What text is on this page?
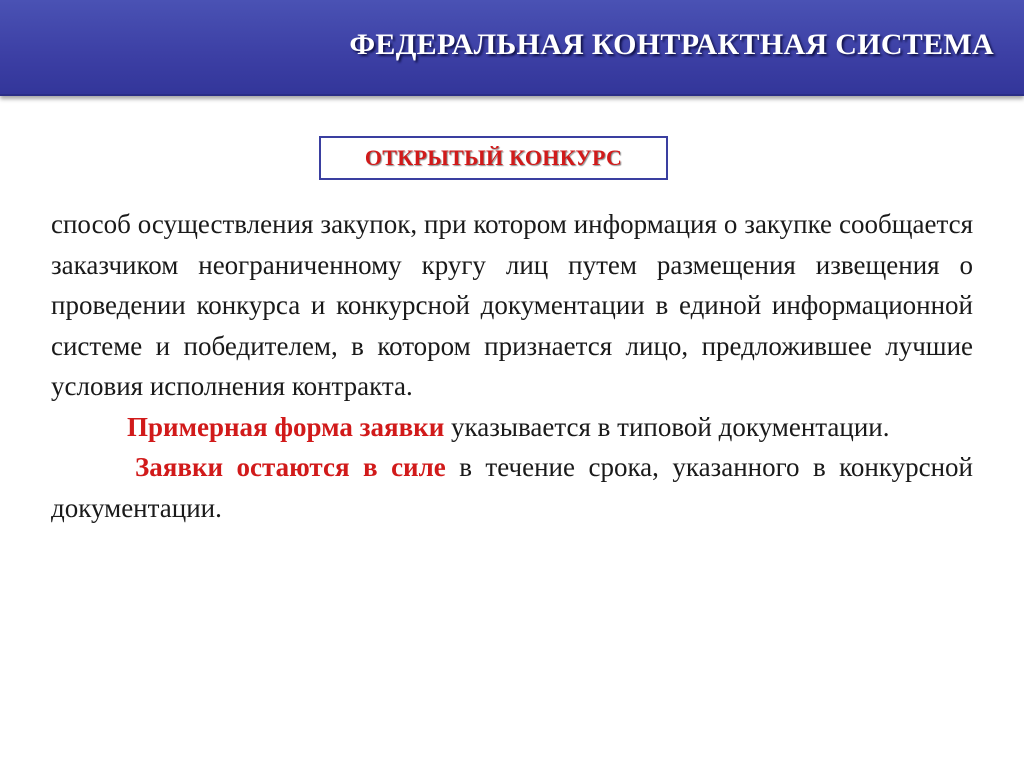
ФЕДЕРАЛЬНАЯ КОНТРАКТНАЯ СИСТЕМА
ОТКРЫТЫЙ КОНКУРС

способ осуществления закупок, при котором информация о закупке сообщается заказчиком неограниченному кругу лиц путем размещения извещения о проведении конкурса и конкурсной документации в единой информационной системе и победителем, в котором признается лицо, предложившее лучшие условия исполнения контракта.

Примерная форма заявки указывается в типовой документации.

Заявки остаются в силе в течение срока, указанного в конкурсной документации.
